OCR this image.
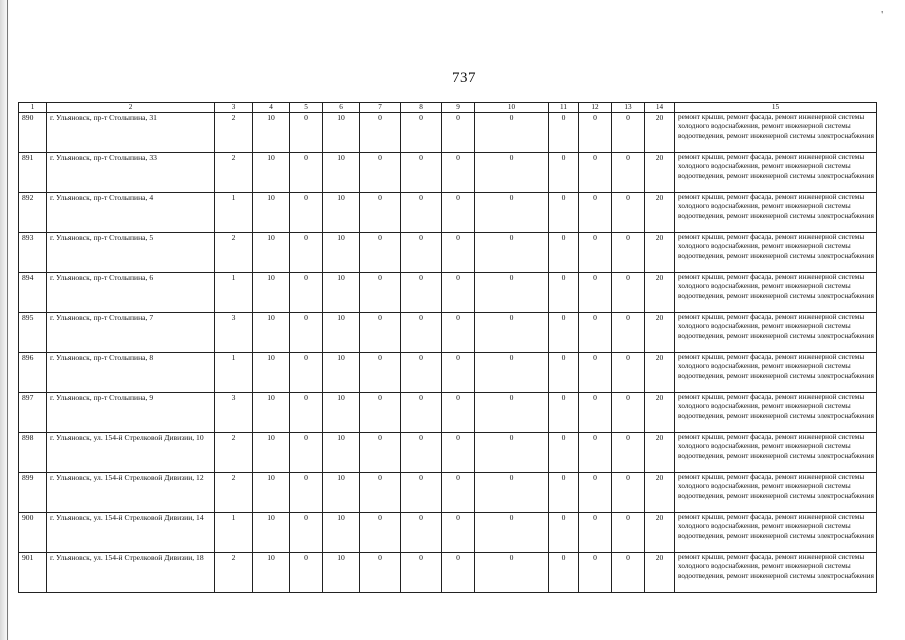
'
737
1	2	3	4	5	6	7	8	9	10	11	12	13	14	15
890	г. Ульяновск, пр-т Столыпина, 31	2	10	0	10	0	0	0	0	0	0	0	20	ремонт крыши, ремонт фасада, ремонт инженерной системы холодного водоснабжения, ремонт инженерной системы водоотведения, ремонт инженерной системы электроснабжения
891	г. Ульяновск, пр-т Столыпина, 33	2	10	0	10	0	0	0	0	0	0	0	20	ремонт крыши, ремонт фасада, ремонт инженерной системы холодного водоснабжения, ремонт инженерной системы водоотведения, ремонт инженерной системы электроснабжения
892	г. Ульяновск, пр-т Столыпина, 4	1	10	0	10	0	0	0	0	0	0	0	20	ремонт крыши, ремонт фасада, ремонт инженерной системы холодного водоснабжения, ремонт инженерной системы водоотведения, ремонт инженерной системы электроснабжения
893	г. Ульяновск, пр-т Столыпина, 5	2	10	0	10	0	0	0	0	0	0	0	20	ремонт крыши, ремонт фасада, ремонт инженерной системы холодного водоснабжения, ремонт инженерной системы водоотведения, ремонт инженерной системы электроснабжения
894	г. Ульяновск, пр-т Столыпина, 6	1	10	0	10	0	0	0	0	0	0	0	20	ремонт крыши, ремонт фасада, ремонт инженерной системы холодного водоснабжения, ремонт инженерной системы водоотведения, ремонт инженерной системы электроснабжения
895	г. Ульяновск, пр-т Столыпина, 7	3	10	0	10	0	0	0	0	0	0	0	20	ремонт крыши, ремонт фасада, ремонт инженерной системы холодного водоснабжения, ремонт инженерной системы водоотведения, ремонт инженерной системы электроснабжения
896	г. Ульяновск, пр-т Столыпина, 8	1	10	0	10	0	0	0	0	0	0	0	20	ремонт крыши, ремонт фасада, ремонт инженерной системы холодного водоснабжения, ремонт инженерной системы водоотведения, ремонт инженерной системы электроснабжения
897	г. Ульяновск, пр-т Столыпина, 9	3	10	0	10	0	0	0	0	0	0	0	20	ремонт крыши, ремонт фасада, ремонт инженерной системы холодного водоснабжения, ремонт инженерной системы водоотведения, ремонт инженерной системы электроснабжения
898	г. Ульяновск, ул. 154-й Стрелковой Дивизии, 10	2	10	0	10	0	0	0	0	0	0	0	20	ремонт крыши, ремонт фасада, ремонт инженерной системы холодного водоснабжения, ремонт инженерной системы водоотведения, ремонт инженерной системы электроснабжения
899	г. Ульяновск, ул. 154-й Стрелковой Дивизии, 12	2	10	0	10	0	0	0	0	0	0	0	20	ремонт крыши, ремонт фасада, ремонт инженерной системы холодного водоснабжения, ремонт инженерной системы водоотведения, ремонт инженерной системы электроснабжения
900	г. Ульяновск, ул. 154-й Стрелковой Дивизии, 14	1	10	0	10	0	0	0	0	0	0	0	20	ремонт крыши, ремонт фасада, ремонт инженерной системы холодного водоснабжения, ремонт инженерной системы водоотведения, ремонт инженерной системы электроснабжения
901	г. Ульяновск, ул. 154-й Стрелковой Дивизии, 18	2	10	0	10	0	0	0	0	0	0	0	20	ремонт крыши, ремонт фасада, ремонт инженерной системы холодного водоснабжения, ремонт инженерной системы водоотведения, ремонт инженерной системы электроснабжения
